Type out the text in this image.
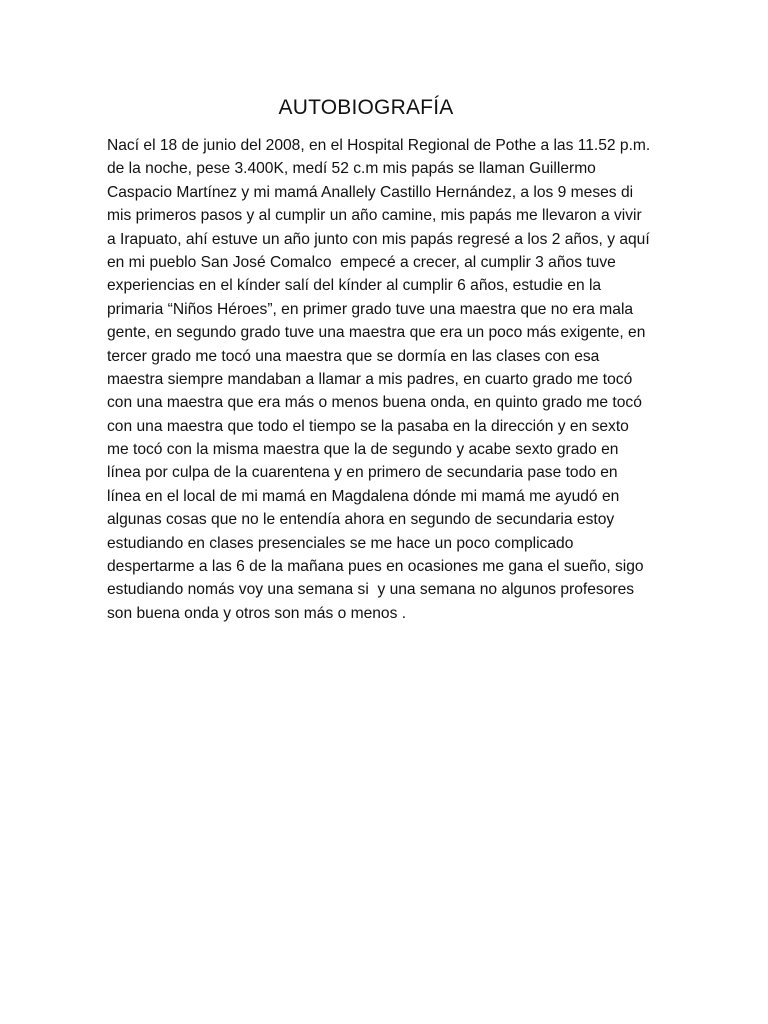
AUTOBIOGRAFÍA
Nací el 18 de junio del 2008, en el Hospital Regional de Pothe a las 11.52 p.m.
de la noche, pese 3.400K, medí 52 c.m mis papás se llaman Guillermo
Caspacio Martínez y mi mamá Anallely Castillo Hernández, a los 9 meses di
mis primeros pasos y al cumplir un año camine, mis papás me llevaron a vivir
a Irapuato, ahí estuve un año junto con mis papás regresé a los 2 años, y aquí
en mi pueblo San José Comalco  empecé a crecer, al cumplir 3 años tuve
experiencias en el kínder salí del kínder al cumplir 6 años, estudie en la
primaria “Niños Héroes”, en primer grado tuve una maestra que no era mala
gente, en segundo grado tuve una maestra que era un poco más exigente, en
tercer grado me tocó una maestra que se dormía en las clases con esa
maestra siempre mandaban a llamar a mis padres, en cuarto grado me tocó
con una maestra que era más o menos buena onda, en quinto grado me tocó
con una maestra que todo el tiempo se la pasaba en la dirección y en sexto
me tocó con la misma maestra que la de segundo y acabe sexto grado en
línea por culpa de la cuarentena y en primero de secundaria pase todo en
línea en el local de mi mamá en Magdalena dónde mi mamá me ayudó en
algunas cosas que no le entendía ahora en segundo de secundaria estoy
estudiando en clases presenciales se me hace un poco complicado
despertarme a las 6 de la mañana pues en ocasiones me gana el sueño, sigo
estudiando nomás voy una semana si  y una semana no algunos profesores
son buena onda y otros son más o menos .
